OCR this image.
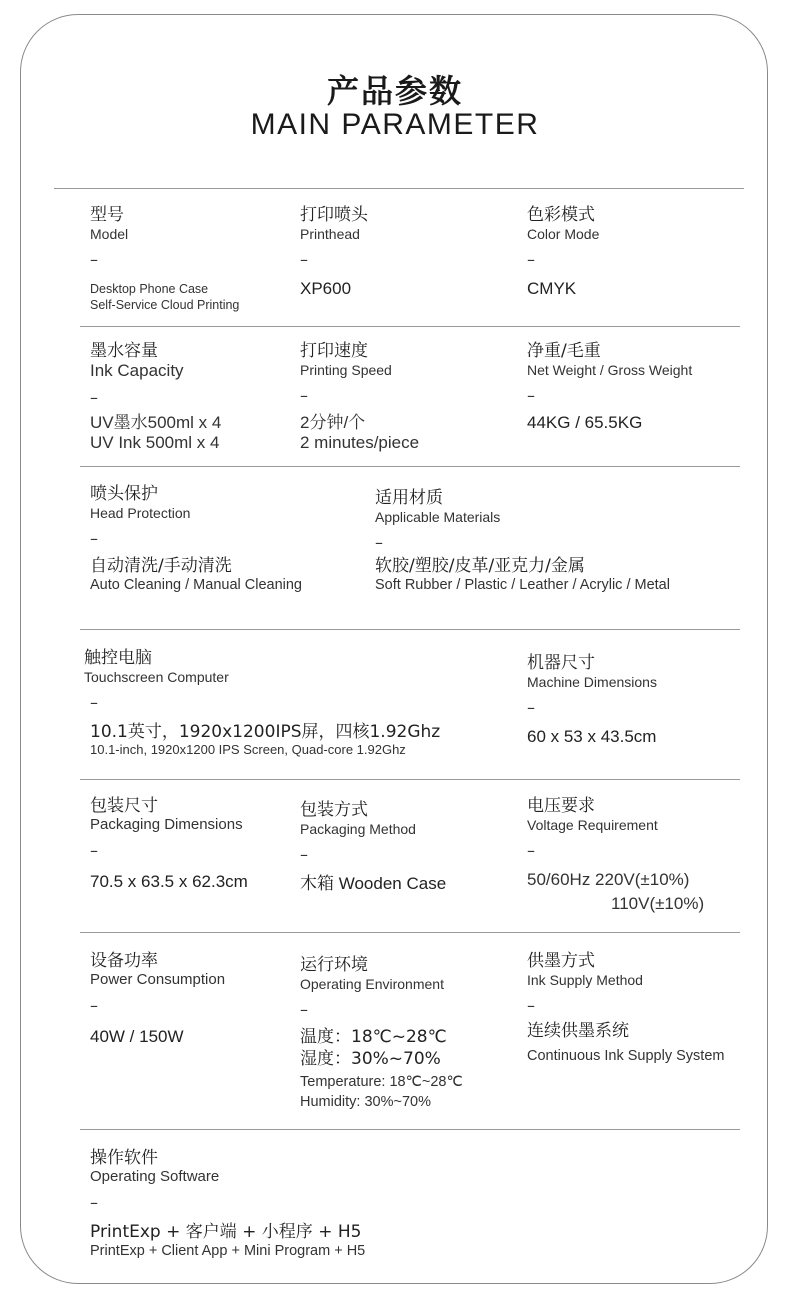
产品参数
MAIN PARAMETER
型号
Model
–
Desktop Phone Case
Self-Service Cloud Printing
打印喷头
Printhead
–
XP600
色彩模式
Color Mode
–
CMYK
墨水容量
Ink Capacity
–
UV墨水500ml x 4
UV Ink 500ml x 4
打印速度
Printing Speed
–
2分钟/个
2 minutes/piece
净重/毛重
Net Weight / Gross Weight
–
44KG / 65.5KG
喷头保护
Head Protection
–
自动清洗/手动清洗
Auto Cleaning / Manual Cleaning
适用材质
Applicable Materials
–
软胶/塑胶/皮革/亚克力/金属
Soft Rubber / Plastic / Leather / Acrylic / Metal
触控电脑
Touchscreen Computer
–
10.1英寸，1920x1200IPS屏，四核1.92Ghz
10.1-inch, 1920x1200 IPS Screen, Quad-core 1.92Ghz
机器尺寸
Machine Dimensions
–
60 x 53 x 43.5cm
包装尺寸
Packaging Dimensions
–
70.5 x 63.5 x 62.3cm
包装方式
Packaging Method
–
木箱 Wooden Case
电压要求
Voltage Requirement
–
50/60Hz 220V(±10%)
110V(±10%)
设备功率
Power Consumption
–
40W / 150W
运行环境
Operating Environment
–
温度：18℃~28℃
湿度：30%~70%
Temperature: 18℃~28℃
Humidity: 30%~70%
供墨方式
Ink Supply Method
–
连续供墨系统
Continuous Ink Supply System
操作软件
Operating Software
–
PrintExp + 客户端 + 小程序 + H5
PrintExp + Client App + Mini Program + H5
